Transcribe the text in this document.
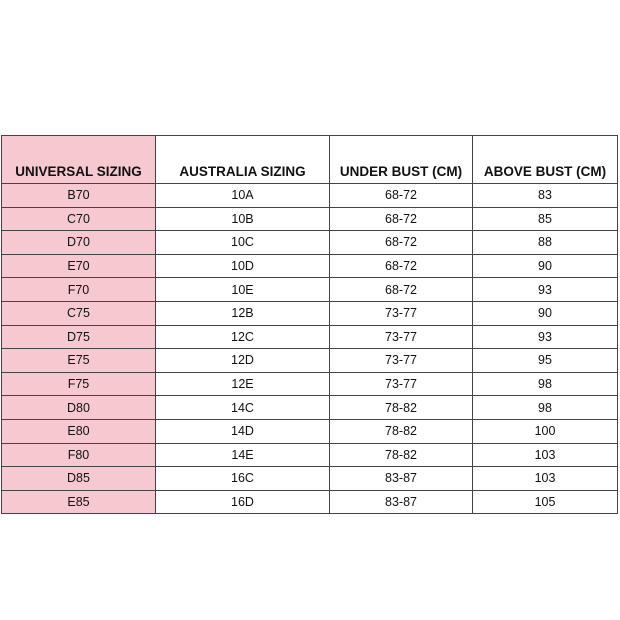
UNIVERSAL SIZING	AUSTRALIA SIZING	UNDER BUST (CM)	ABOVE BUST (CM)
B70	10A	68-72	83
C70	10B	68-72	85
D70	10C	68-72	88
E70	10D	68-72	90
F70	10E	68-72	93
C75	12B	73-77	90
D75	12C	73-77	93
E75	12D	73-77	95
F75	12E	73-77	98
D80	14C	78-82	98
E80	14D	78-82	100
F80	14E	78-82	103
D85	16C	83-87	103
E85	16D	83-87	105
